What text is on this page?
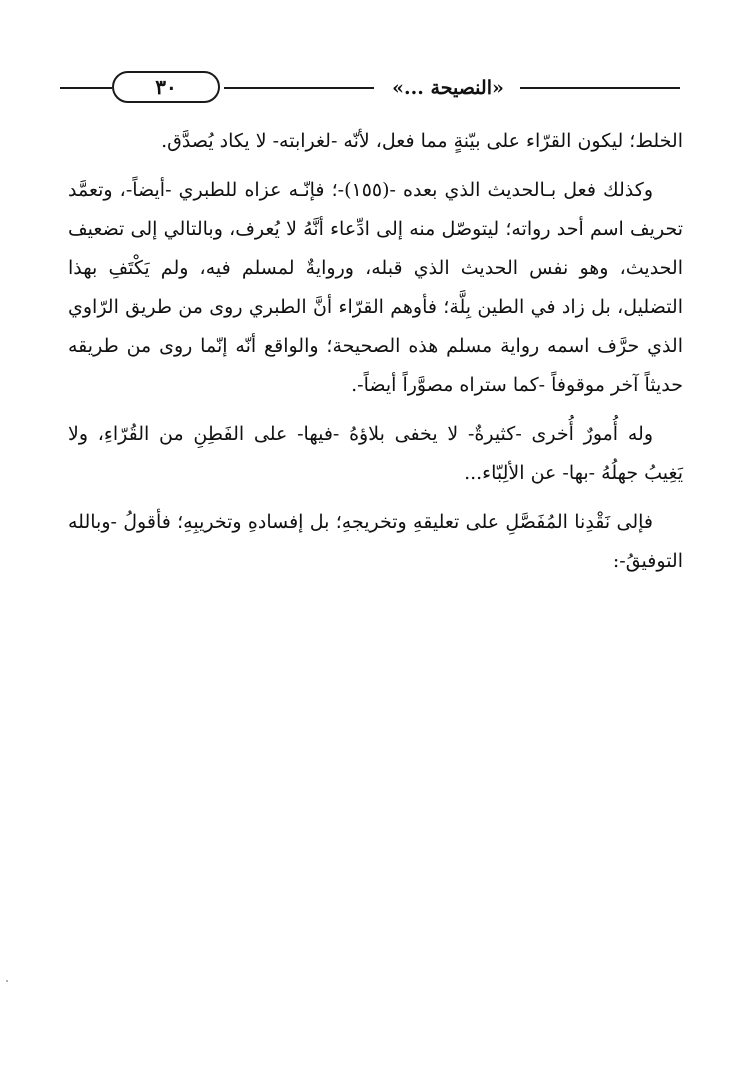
٣٠	«النصيحة ...»

الخلط؛ ليكون القرّاء على بيّنةٍ مما فعل، لأنّه -لغرابته- لا يكاد يُصدَّق.

وكذلك فعل بـالحديث الذي بعده -(١٥٥)-؛ فإنّـه عزاه للطبري -أيضاً-، وتعمَّد تحريف اسم أحد رواته؛ ليتوصّل منه إلى ادِّعاء أنَّهُ لا يُعرف، وبالتالي إلى تضعيف الحديث، وهو نفس الحديث الذي قبله، وروايةٌ لمسلم فيه، ولم يَكْتَفِ بهذا التضليل، بل زاد في الطين بِلَّة؛ فأوهم القرّاء أنَّ الطبري روى من طريق الرّاوي الذي حرَّف اسمه رواية مسلم هذه الصحيحة؛ والواقع أنّه إنّما روى من طريقه حديثاً آخر موقوفاً -كما ستراه مصوَّراً أيضاً-.

وله أُمورٌ أُخرى -كثيرةٌ- لا يخفى بلاؤهُ -فيها- على الفَطِنِ من القُرّاءِ، ولا يَغِيبُ جهلُهُ -بها- عن الألِبّاء...

فإلى نَقْدِنا المُفَصَّلِ على تعليقهِ وتخريجهِ؛ بل إفسادهِ وتخريبِهِ؛ فأقولُ -وبالله التوفيقُ-:
